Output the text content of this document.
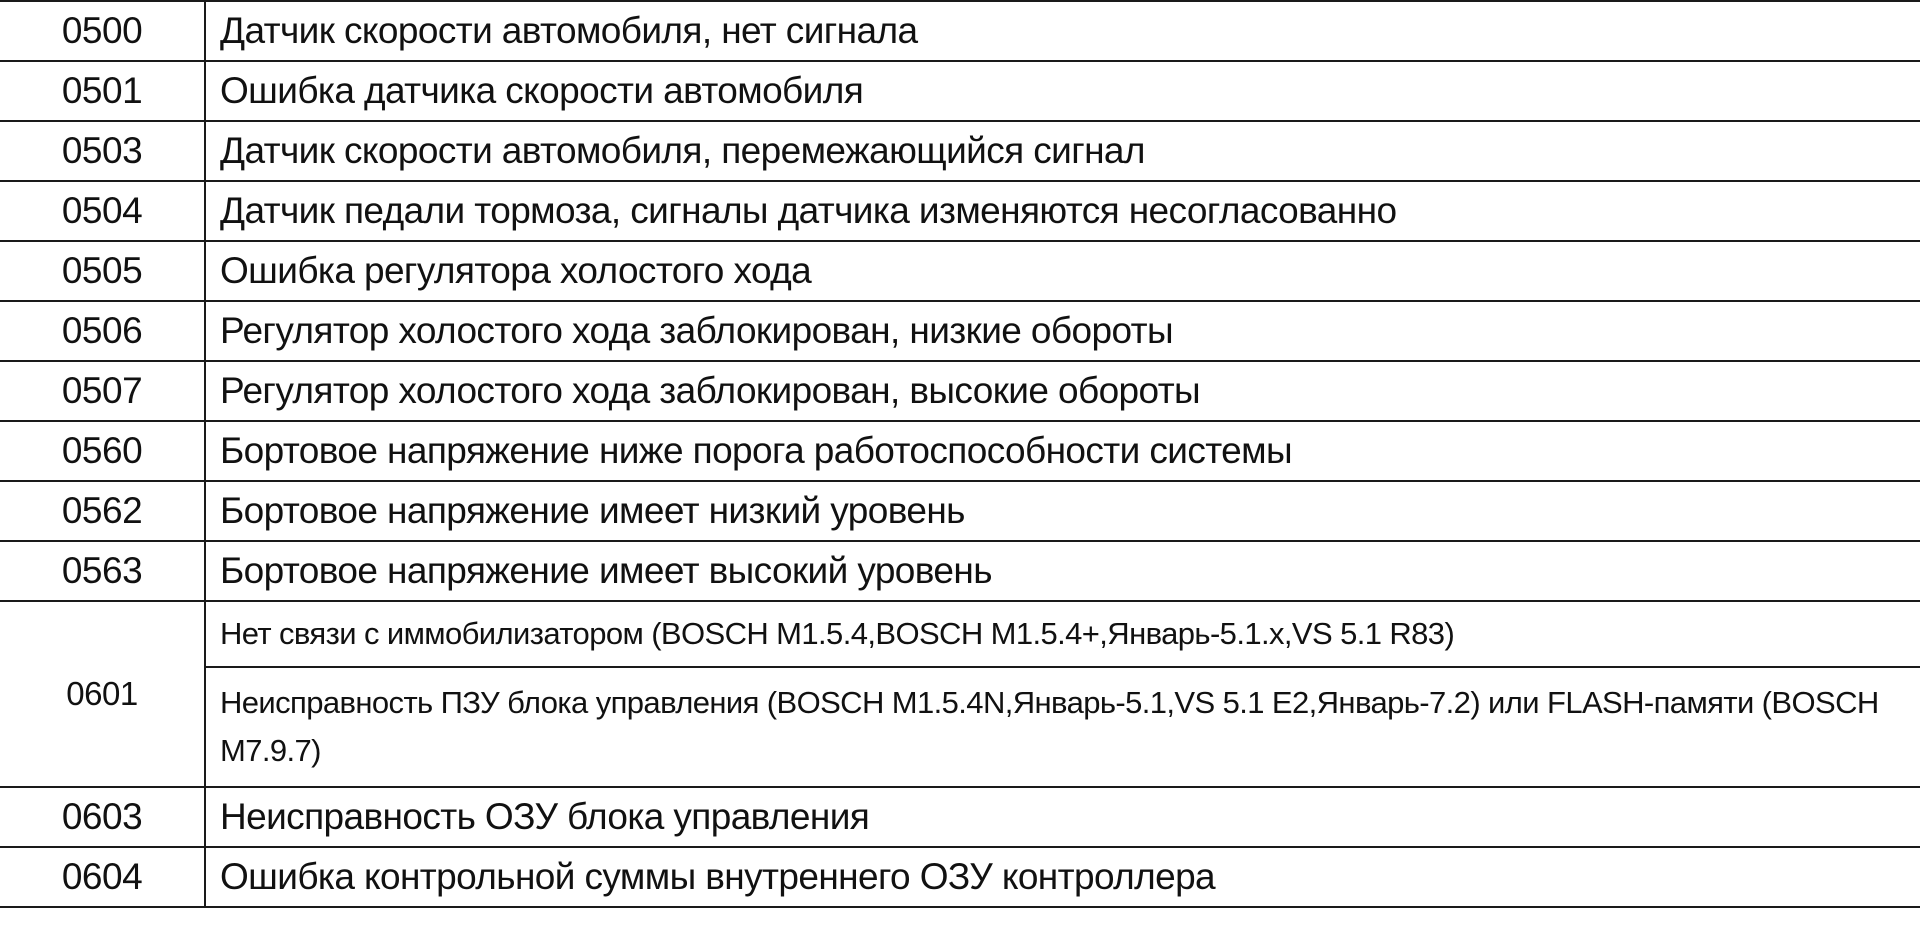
0500	Датчик скорости автомобиля, нет сигнала
0501	Ошибка датчика скорости автомобиля
0503	Датчик скорости автомобиля, перемежающийся сигнал
0504	Датчик педали тормоза, сигналы датчика изменяются несогласованно
0505	Ошибка регулятора холостого хода
0506	Регулятор холостого хода заблокирован, низкие обороты
0507	Регулятор холостого хода заблокирован, высокие обороты
0560	Бортовое напряжение ниже порога работоспособности системы
0562	Бортовое напряжение имеет низкий уровень
0563	Бортовое напряжение имеет высокий уровень
0601	Нет связи с иммобилизатором (BOSCH M1.5.4,BOSCH M1.5.4+,Январь-5.1.x,VS 5.1 R83)
	Неисправность ПЗУ блока управления (BOSCH M1.5.4N,Январь-5.1,VS 5.1 E2,Январь-7.2) или FLASH-памяти (BOSCH M7.9.7)
0603	Неисправность ОЗУ блока управления
0604	Ошибка контрольной суммы внутреннего ОЗУ контроллера
